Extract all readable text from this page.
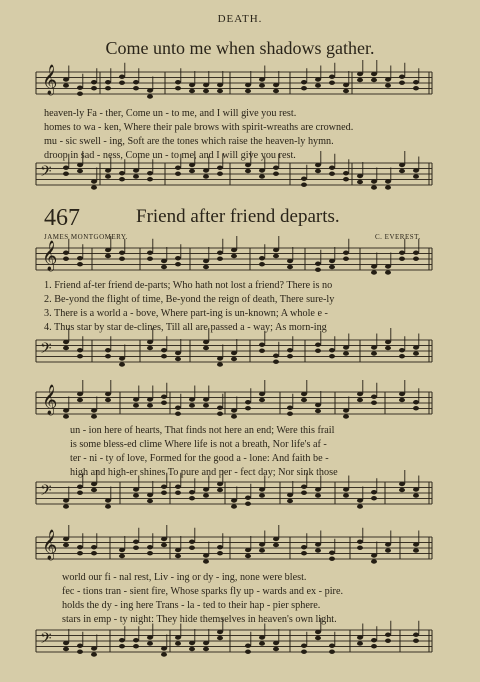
𝄞
𝄞
𝄞
𝄞
𝄢
𝄢
𝄢
𝄢
DEATH.
Come unto me when shadows gather.
heaven-ly Fa - ther, Come un - to me, and I will give you rest.
homes to wa - ken, Where their pale brows with spirit-wreaths are crowned.
mu - sic swell - ing, Soft are the tones which raise the heaven-ly hymn.
droop in sad - ness, Come un - to me, and I will give you rest.
467	Friend after friend departs.
JAMES MONTGOMERY.	C. EVEREST.
1. Friend af-ter friend de-parts; Who hath not lost a friend? There is no
2. Be-yond the flight of time, Be-yond the reign of death, There sure-ly
3. There is a world a - bove, Where part-ing is un-known; A whole e -
4. Thus star by star de-clines, Till all are passed a - way; As morn-ing
un - ion here of hearts, That finds not here an end; Were this frail
is some bless-ed clime Where life is not a breath, Nor life's af -
ter - ni - ty of love, Formed for the good a - lone: And faith be -
high and high-er shines To pure and per - fect day; Nor sink those
world our fi - nal rest, Liv - ing or dy - ing, none were blest.
fec - tions tran - sient fire, Whose sparks fly up - wards and ex - pire.
holds the dy - ing here Trans - la - ted to their hap - pier sphere.
stars in emp - ty night: They hide themselves in heaven's own light.
